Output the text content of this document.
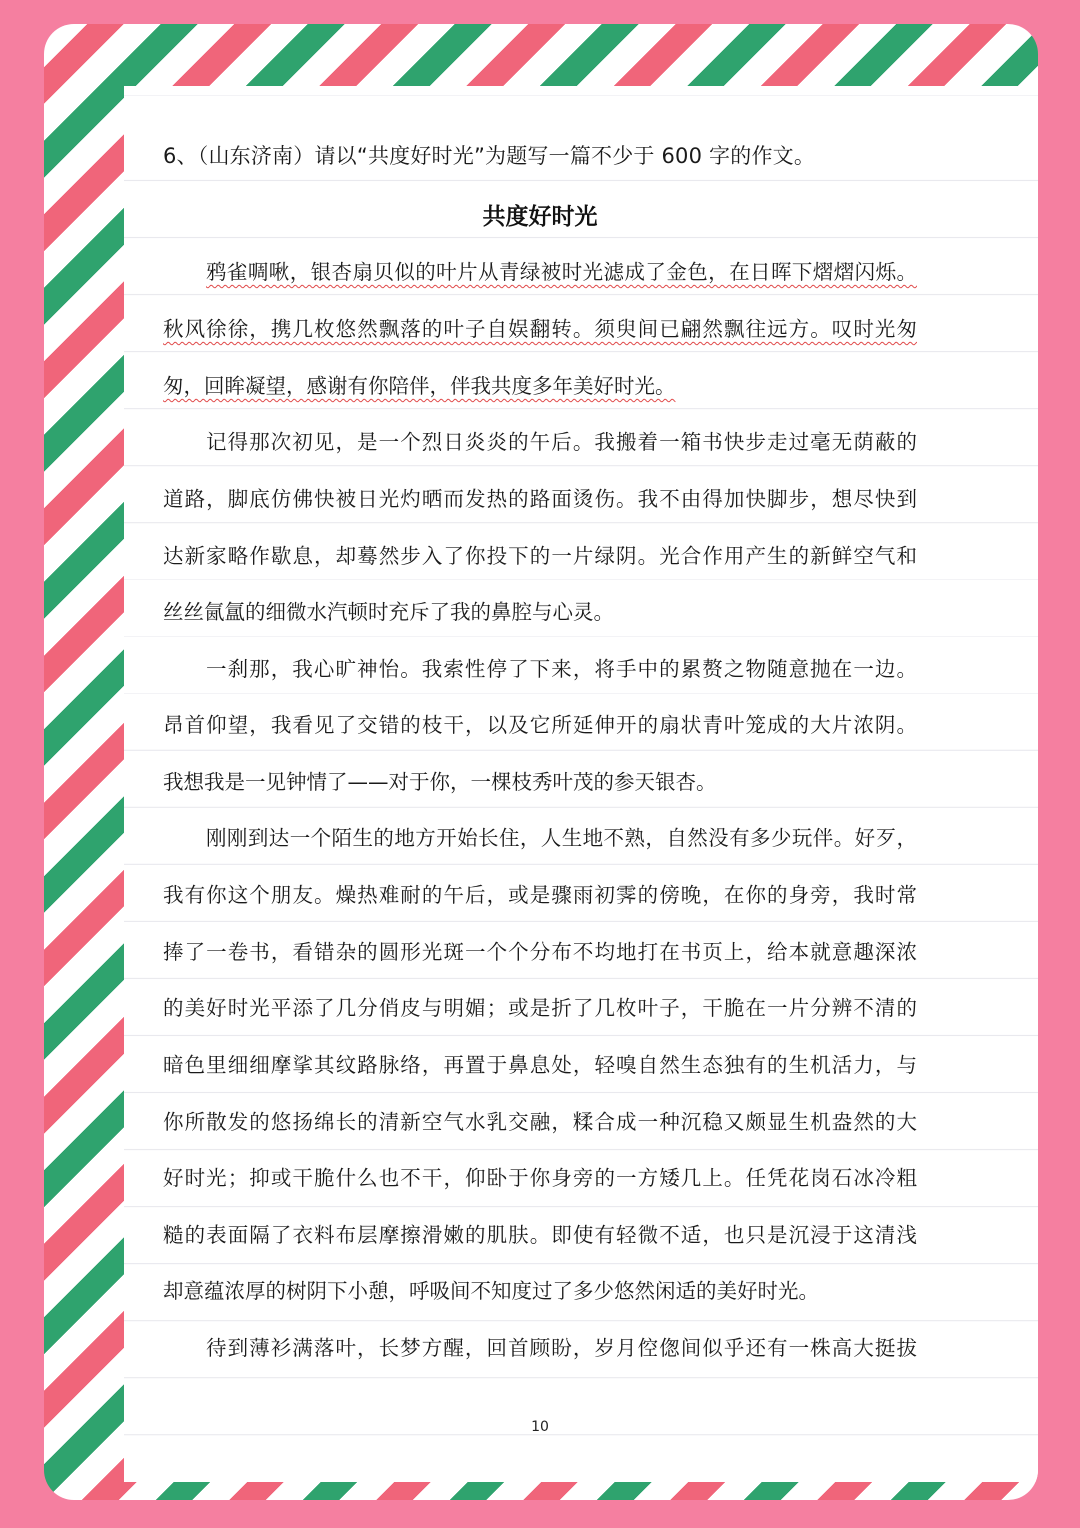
6、（山东济南）请以“共度好时光”为题写一篇不少于 600 字的作文。
共度好时光
鸦雀啁啾，银杏扇贝似的叶片从青绿被时光滤成了金色，在日晖下熠熠闪烁。
秋风徐徐，携几枚悠然飘落的叶子自娱翻转。须臾间已翩然飘往远方。叹时光匆
匆，回眸凝望，感谢有你陪伴，伴我共度多年美好时光。
记得那次初见，是一个烈日炎炎的午后。我搬着一箱书快步走过毫无荫蔽的
道路，脚底仿佛快被日光灼晒而发热的路面烫伤。我不由得加快脚步，想尽快到
达新家略作歇息，却蓦然步入了你投下的一片绿阴。光合作用产生的新鲜空气和
丝丝氤氲的细微水汽顿时充斥了我的鼻腔与心灵。
一刹那，我心旷神怡。我索性停了下来，将手中的累赘之物随意抛在一边。
昂首仰望，我看见了交错的枝干，以及它所延伸开的扇状青叶笼成的大片浓阴。
我想我是一见钟情了——对于你，一棵枝秀叶茂的参天银杏。
刚刚到达一个陌生的地方开始长住，人生地不熟，自然没有多少玩伴。好歹，
我有你这个朋友。燥热难耐的午后，或是骤雨初霁的傍晚，在你的身旁，我时常
捧了一卷书，看错杂的圆形光斑一个个分布不均地打在书页上，给本就意趣深浓
的美好时光平添了几分俏皮与明媚；或是折了几枚叶子，干脆在一片分辨不清的
暗色里细细摩挲其纹路脉络，再置于鼻息处，轻嗅自然生态独有的生机活力，与
你所散发的悠扬绵长的清新空气水乳交融，糅合成一种沉稳又颇显生机盎然的大
好时光；抑或干脆什么也不干，仰卧于你身旁的一方矮几上。任凭花岗石冰冷粗
糙的表面隔了衣料布层摩擦滑嫩的肌肤。即使有轻微不适，也只是沉浸于这清浅
却意蕴浓厚的树阴下小憩，呼吸间不知度过了多少悠然闲适的美好时光。
待到薄衫满落叶，长梦方醒，回首顾盼，岁月倥偬间似乎还有一株高大挺拔
10
